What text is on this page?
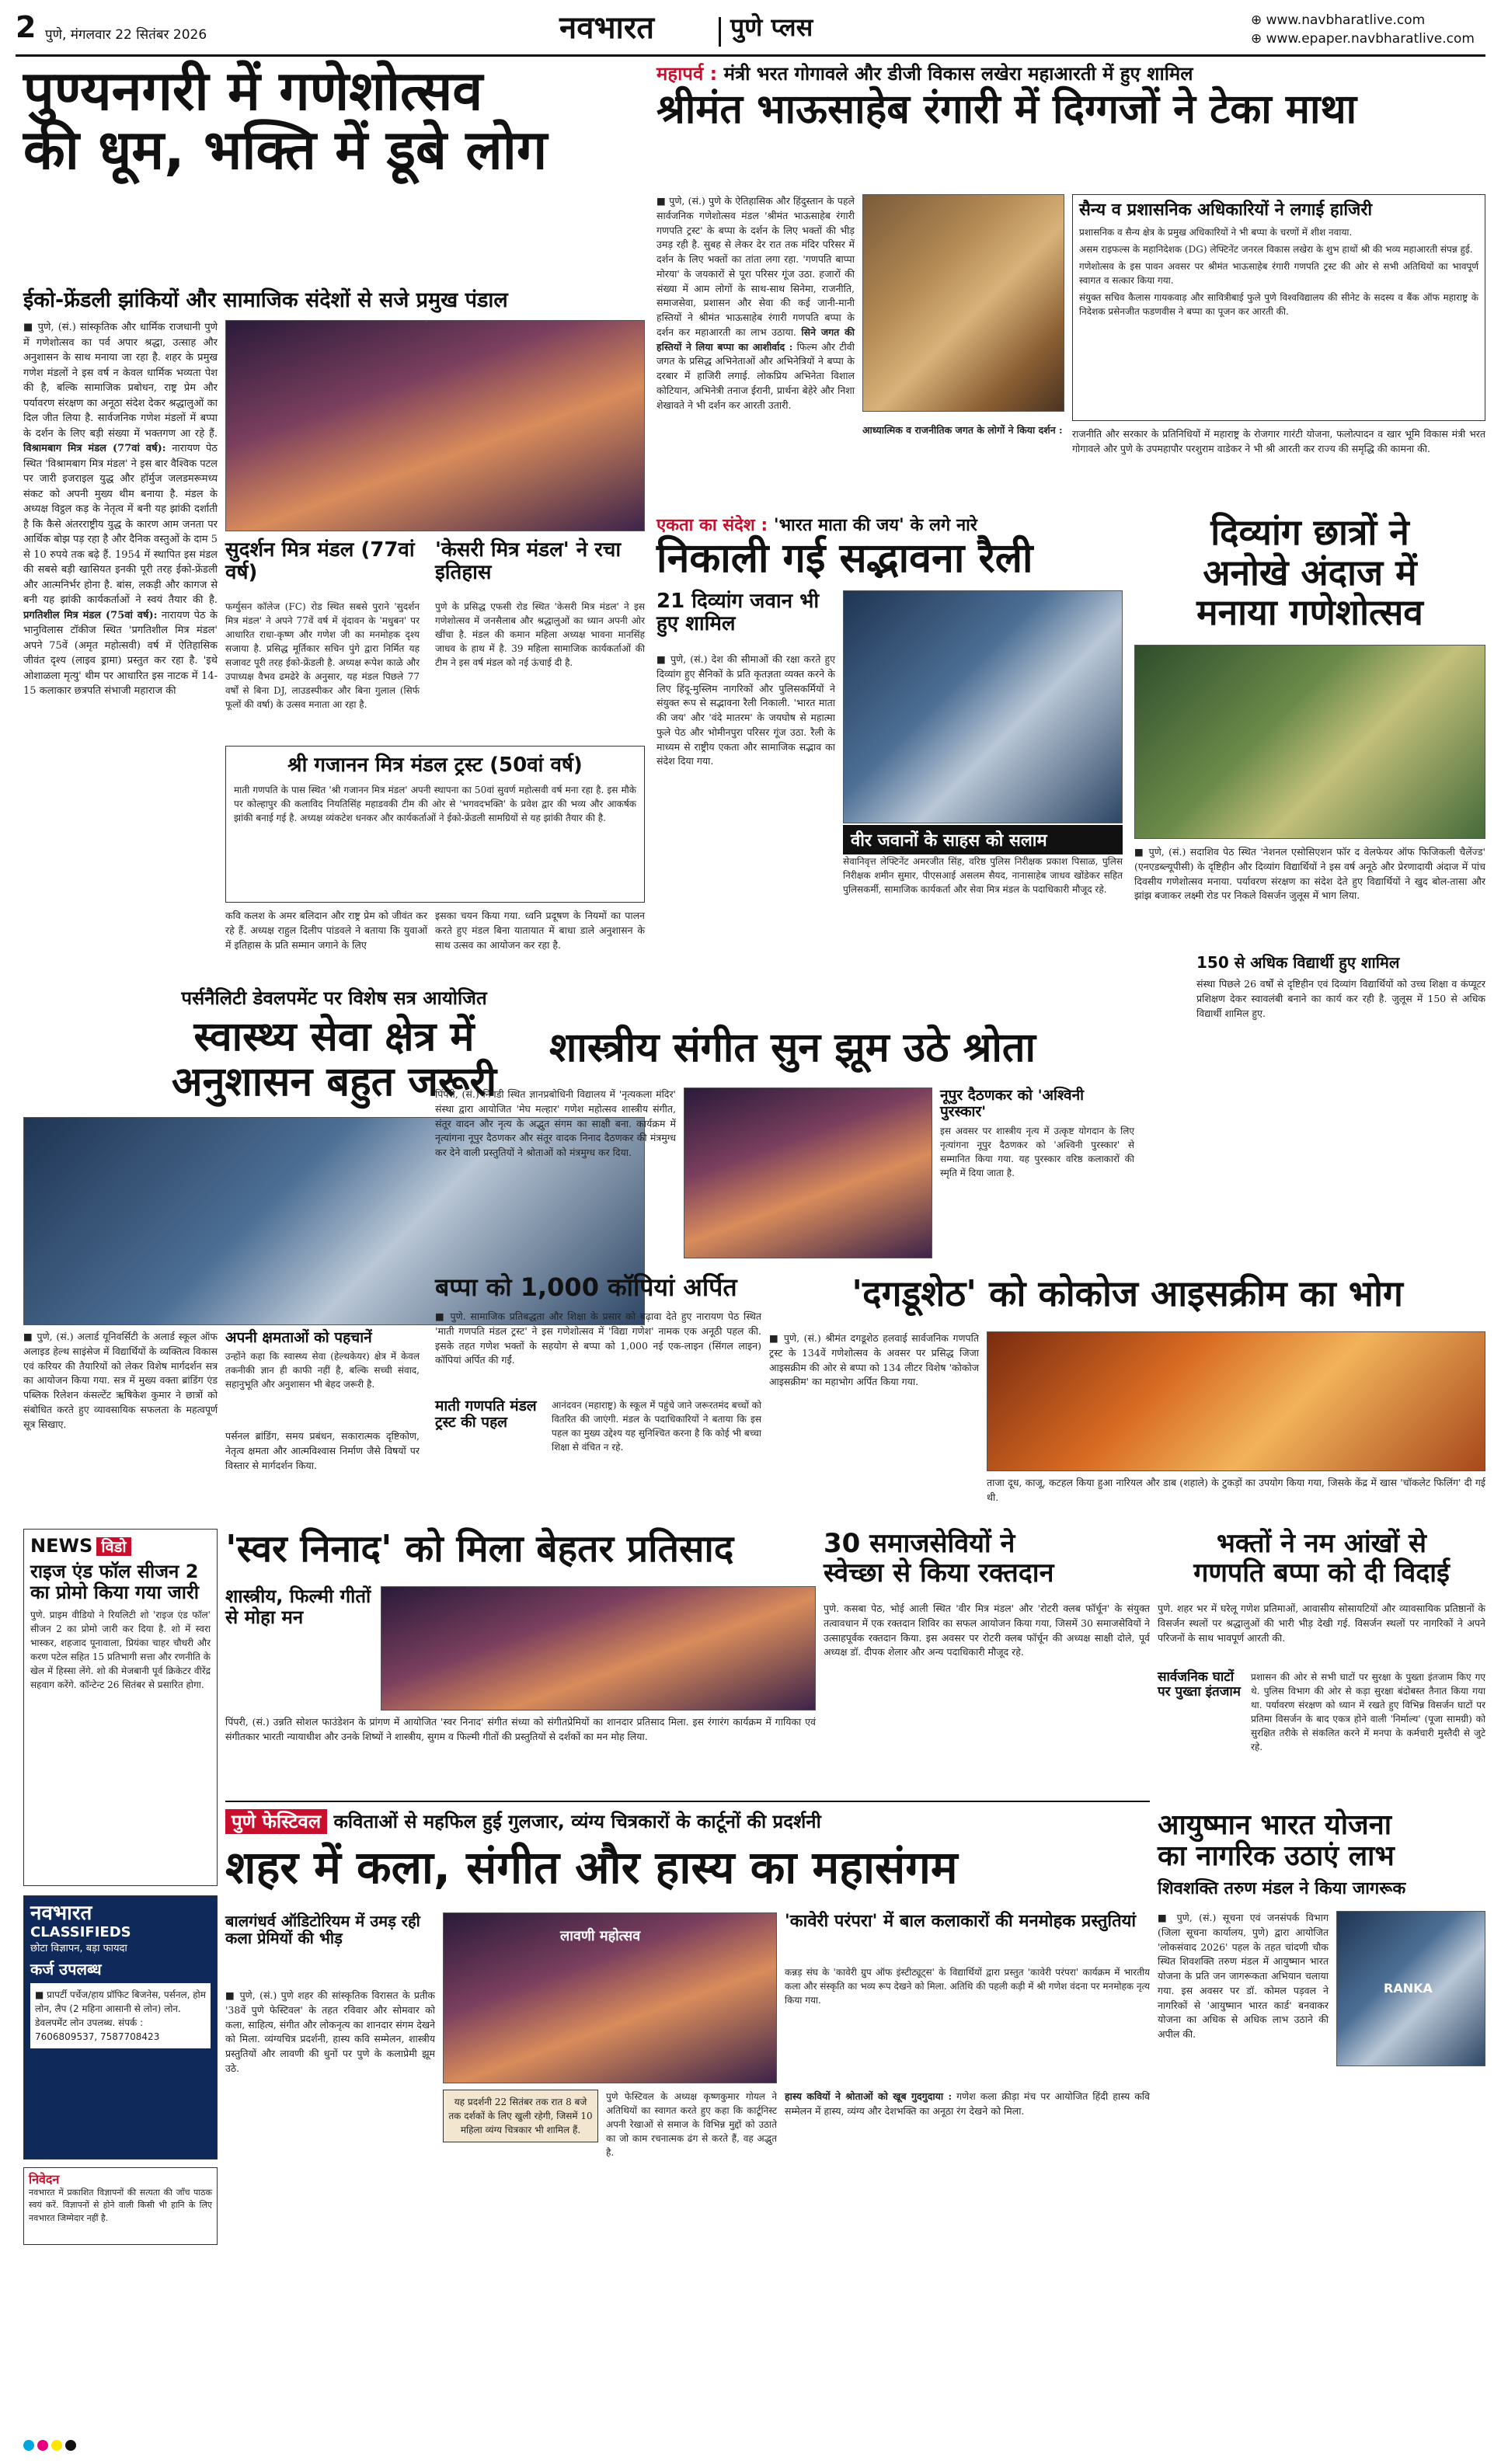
2 पुणे, मंगलवार 22 सितंबर 2026	नवभारत	पुणे प्लस	⊕ www.navbharatlive.com
⊕ www.epaper.navbharatlive.com
पुण्यनगरी में गणेशोत्सव
की धूम, भक्ति में डूबे लोग
ईको-फ्रेंडली झांकियों और सामाजिक संदेशों से सजे प्रमुख पंडाल
■ पुणे, (सं.) सांस्कृतिक और धार्मिक राजधानी पुणे में गणेशोत्सव का पर्व अपार श्रद्धा, उत्साह और अनुशासन के साथ मनाया जा रहा है. शहर के प्रमुख गणेश मंडलों ने इस वर्ष न केवल धार्मिक भव्यता पेश की है, बल्कि सामाजिक प्रबोधन, राष्ट्र प्रेम और पर्यावरण संरक्षण का अनूठा संदेश देकर श्रद्धालुओं का दिल जीत लिया है. सार्वजनिक गणेश मंडलों में बप्पा के दर्शन के लिए बड़ी संख्या में भक्तगण आ रहे हैं. विश्रामबाग मित्र मंडल (77वां वर्ष): नारायण पेठ स्थित 'विश्रामबाग मित्र मंडल' ने इस बार वैश्विक पटल पर जारी इजराइल युद्ध और हॉर्मुज जलडमरूमध्य संकट को अपनी मुख्य थीम बनाया है. मंडल के अध्यक्ष विट्ठल कड़ के नेतृत्व में बनी यह झांकी दर्शाती है कि कैसे अंतरराष्ट्रीय युद्ध के कारण आम जनता पर आर्थिक बोझ पड़ रहा है और दैनिक वस्तुओं के दाम 5 से 10 रुपये तक बढ़े हैं. 1954 में स्थापित इस मंडल की सबसे बड़ी खासियत इनकी पूरी तरह ईको-फ्रेंडली और आत्मनिर्भर होना है. बांस, लकड़ी और कागज से बनी यह झांकी कार्यकर्ताओं ने स्वयं तैयार की है. प्रगतिशील मित्र मंडल (75वां वर्ष): नारायण पेठ के भानुविलास टॉकीज स्थित 'प्रगतिशील मित्र मंडल' अपने 75वें (अमृत महोत्सवी) वर्ष में ऐतिहासिक जीवंत दृश्य (लाइव ड्रामा) प्रस्तुत कर रहा है. 'इथे ओशाळला मृत्यु' थीम पर आधारित इस नाटक में 14-15 कलाकार छत्रपति संभाजी महाराज की
सुदर्शन मित्र मंडल (77वां वर्ष)
फर्ग्युसन कॉलेज (FC) रोड स्थित सबसे पुराने 'सुदर्शन मित्र मंडल' ने अपने 77वें वर्ष में वृंदावन के 'मधुबन' पर आधारित राधा-कृष्ण और गणेश जी का मनमोहक दृश्य सजाया है. प्रसिद्ध मूर्तिकार सचिन पुंगे द्वारा निर्मित यह सजावट पूरी तरह ईको-फ्रेंडली है. अध्यक्ष रूपेश काळे और उपाध्यक्ष वैभव ढमढेरे के अनुसार, यह मंडल पिछले 77 वर्षों से बिना DJ, लाउडस्पीकर और बिना गुलाल (सिर्फ फूलों की वर्षा) के उत्सव मनाता आ रहा है.
'केसरी मित्र मंडल' ने रचा इतिहास
पुणे के प्रसिद्ध एफसी रोड स्थित 'केसरी मित्र मंडल' ने इस गणेशोत्सव में जनसैलाब और श्रद्धालुओं का ध्यान अपनी ओर खींचा है. मंडल की कमान महिला अध्यक्ष भावना मानसिंह जाधव के हाथ में है. 39 महिला सामाजिक कार्यकर्ताओं की टीम ने इस वर्ष मंडल को नई ऊंचाई दी है.
श्री गजानन मित्र मंडल ट्रस्ट (50वां वर्ष)
माती गणपति के पास स्थित 'श्री गजानन मित्र मंडल' अपनी स्थापना का 50वां सुवर्ण महोत्सवी वर्ष मना रहा है. इस मौके पर कोल्हापुर की कलाविद नियतिसिंह महाडवकी टीम की ओर से 'भगवदभक्ति' के प्रवेश द्वार की भव्य और आकर्षक झांकी बनाई गई है. अध्यक्ष व्यंकटेश धनकर और कार्यकर्ताओं ने ईको-फ्रेंडली सामग्रियों से यह झांकी तैयार की है.
कवि कलश के अमर बलिदान और राष्ट्र प्रेम को जीवंत कर रहे हैं. अध्यक्ष राहुल दिलीप पांडवले ने बताया कि युवाओं में इतिहास के प्रति सम्मान जगाने के लिए
इसका चयन किया गया. ध्वनि प्रदूषण के नियमों का पालन करते हुए मंडल बिना यातायात में बाधा डाले अनुशासन के साथ उत्सव का आयोजन कर रहा है.
महापर्व : मंत्री भरत गोगावले और डीजी विकास लखेरा महाआरती में हुए शामिल
श्रीमंत भाऊसाहेब रंगारी में दिग्गजों ने टेका माथा
■ पुणे, (सं.) पुणे के ऐतिहासिक और हिंदुस्तान के पहले सार्वजनिक गणेशोत्सव मंडल 'श्रीमंत भाऊसाहेब रंगारी गणपति ट्रस्ट' के बप्पा के दर्शन के लिए भक्तों की भीड़ उमड़ रही है. सुबह से लेकर देर रात तक मंदिर परिसर में दर्शन के लिए भक्तों का तांता लगा रहा. 'गणपति बाप्पा मोरया' के जयकारों से पूरा परिसर गूंज उठा. हजारों की संख्या में आम लोगों के साथ-साथ सिनेमा, राजनीति, समाजसेवा, प्रशासन और सेवा की कई जानी-मानी हस्तियों ने श्रीमंत भाऊसाहेब रंगारी गणपति बप्पा के दर्शन कर महाआरती का लाभ उठाया. सिने जगत की हस्तियों ने लिया बप्पा का आशीर्वाद : फिल्म और टीवी जगत के प्रसिद्ध अभिनेताओं और अभिनेत्रियों ने बप्पा के दरबार में हाजिरी लगाई. लोकप्रिय अभिनेता विशाल कोटियान, अभिनेत्री तनाज ईरानी, प्रार्थना बेहेरे और निशा शेखावते ने भी दर्शन कर आरती उतारी.
आध्यात्मिक व राजनीतिक जगत के लोगों ने किया दर्शन :
सैन्य व प्रशासनिक अधिकारियों ने लगाई हाजिरी
प्रशासनिक व सैन्य क्षेत्र के प्रमुख अधिकारियों ने भी बप्पा के चरणों में शीश नवाया.
असम राइफल्स के महानिदेशक (DG) लेफ्टिनेंट जनरल विकास लखेरा के शुभ हाथों श्री की भव्य महाआरती संपन्न हुई.
गणेशोत्सव के इस पावन अवसर पर श्रीमंत भाऊसाहेब रंगारी गणपति ट्रस्ट की ओर से सभी अतिथियों का भावपूर्ण स्वागत व सत्कार किया गया.
संयुक्त सचिव कैलास गायकवाड़ और सावित्रीबाई फुले पुणे विश्वविद्यालय की सीनेट के सदस्य व बैंक ऑफ महाराष्ट्र के निदेशक प्रसेनजीत फडणवीस ने बप्पा का पूजन कर आरती की.
राजनीति और सरकार के प्रतिनिधियों में महाराष्ट्र के रोजगार गारंटी योजना, फलोत्पादन व खार भूमि विकास मंत्री भरत गोगावले और पुणे के उपमहापौर परशुराम वाडेकर ने भी श्री आरती कर राज्य की समृद्धि की कामना की.
एकता का संदेश : 'भारत माता की जय' के लगे नारे
निकाली गई सद्भावना रैली
21 दिव्यांग जवान भी हुए शामिल
■ पुणे, (सं.) देश की सीमाओं की रक्षा करते हुए दिव्यांग हुए सैनिकों के प्रति कृतज्ञता व्यक्त करने के लिए हिंदू-मुस्लिम नागरिकों और पुलिसकर्मियों ने संयुक्त रूप से सद्भावना रैली निकाली. 'भारत माता की जय' और 'वंदे मातरम' के जयघोष से महात्मा फुले पेठ और भोमीनपुरा परिसर गूंज उठा. रैली के माध्यम से राष्ट्रीय एकता और सामाजिक सद्भाव का संदेश दिया गया.
वीर जवानों के साहस को सलाम
सेवानिवृत्त लेफ्टिनेंट अमरजीत सिंह, वरिष्ठ पुलिस निरीक्षक प्रकाश पिसाळ, पुलिस निरीक्षक शमीन सुमार, पीएसआई असलम सैयद, नानासाहेब जाधव खोंडेकर सहित पुलिसकर्मी, सामाजिक कार्यकर्ता और सेवा मित्र मंडल के पदाधिकारी मौजूद रहे.
दिव्यांग छात्रों ने
अनोखे अंदाज में
मनाया गणेशोत्सव
■ पुणे, (सं.) सदाशिव पेठ स्थित 'नेशनल एसोसिएशन फॉर द वेलफेयर ऑफ फिजिकली चैलेंज्ड' (एनएडब्ल्यूपीसी) के दृष्टिहीन और दिव्यांग विद्यार्थियों ने इस वर्ष अनूठे और प्रेरणादायी अंदाज में पांच दिवसीय गणेशोत्सव मनाया. पर्यावरण संरक्षण का संदेश देते हुए विद्यार्थियों ने खुद बोल-तासा और झांझ बजाकर लक्ष्मी रोड पर निकले विसर्जन जुलूस में भाग लिया.
150 से अधिक विद्यार्थी हुए शामिल
संस्था पिछले 26 वर्षों से दृष्टिहीन एवं दिव्यांग विद्यार्थियों को उच्च शिक्षा व कंप्यूटर प्रशिक्षण देकर स्वावलंबी बनाने का कार्य कर रही है. जुलूस में 150 से अधिक विद्यार्थी शामिल हुए.
पर्सनैलिटी डेवलपमेंट पर विशेष सत्र आयोजित
स्वास्थ्य सेवा क्षेत्र में
अनुशासन बहुत जरूरी
■ पुणे, (सं.) अलार्ड यूनिवर्सिटी के अलार्ड स्कूल ऑफ अलाइड हेल्थ साइंसेज में विद्यार्थियों के व्यक्तित्व विकास एवं करियर की तैयारियों को लेकर विशेष मार्गदर्शन सत्र का आयोजन किया गया. सत्र में मुख्य वक्ता ब्रांडिंग एंड पब्लिक रिलेशन कंसल्टेंट ऋषिकेश कुमार ने छात्रों को संबोधित करते हुए व्यावसायिक सफलता के महत्वपूर्ण सूत्र सिखाए.
अपनी क्षमताओं को पहचानें
उन्होंने कहा कि स्वास्थ्य सेवा (हेल्थकेयर) क्षेत्र में केवल तकनीकी ज्ञान ही काफी नहीं है, बल्कि सच्ची संवाद, सहानुभूति और अनुशासन भी बेहद जरूरी है.
पर्सनल ब्रांडिंग, समय प्रबंधन, सकारात्मक दृष्टिकोण, नेतृत्व क्षमता और आत्मविश्वास निर्माण जैसे विषयों पर विस्तार से मार्गदर्शन किया.
शास्त्रीय संगीत सुन झूम उठे श्रोता
पिंपरी, (सं.) निगडी स्थित ज्ञानप्रबोधिनी विद्यालय में 'नृत्यकला मंदिर' संस्था द्वारा आयोजित 'मेघ मल्हार' गणेश महोत्सव शास्त्रीय संगीत, संतूर वादन और नृत्य के अद्भुत संगम का साक्षी बना. कार्यक्रम में नृत्यांगना नूपुर दैठणकर और संतूर वादक निनाद दैठणकर की मंत्रमुग्ध कर देने वाली प्रस्तुतियों ने श्रोताओं को मंत्रमुग्ध कर दिया.
नूपुर दैठणकर को 'अश्विनी पुरस्कार'
इस अवसर पर शास्त्रीय नृत्य में उत्कृष्ट योगदान के लिए नृत्यांगना नूपुर दैठणकर को 'अश्विनी पुरस्कार' से सम्मानित किया गया. यह पुरस्कार वरिष्ठ कलाकारों की स्मृति में दिया जाता है.
बप्पा को 1,000 कॉपियां अर्पित
■ पुणे. सामाजिक प्रतिबद्धता और शिक्षा के प्रसार को बढ़ावा देते हुए नारायण पेठ स्थित 'माती गणपति मंडल ट्रस्ट' ने इस गणेशोत्सव में 'विद्या गणेश' नामक एक अनूठी पहल की. इसके तहत गणेश भक्तों के सहयोग से बप्पा को 1,000 नई एक-लाइन (सिंगल लाइन) कॉपियां अर्पित की गईं.
माती गणपति मंडल ट्रस्ट की पहल
आनंदवन (महाराष्ट्र) के स्कूल में पहुंचे जाने जरूरतमंद बच्चों को वितरित की जाएंगी. मंडल के पदाधिकारियों ने बताया कि इस पहल का मुख्य उद्देश्य यह सुनिश्चित करना है कि कोई भी बच्चा शिक्षा से वंचित न रहे.
'दगडूशेठ' को कोकोज आइसक्रीम का भोग
■ पुणे, (सं.) श्रीमंत दगडूशेठ हलवाई सार्वजनिक गणपति ट्रस्ट के 134वें गणेशोत्सव के अवसर पर प्रसिद्ध जिजा आइसक्रीम की ओर से बप्पा को 134 लीटर विशेष 'कोकोज आइसक्रीम' का महाभोग अर्पित किया गया.
ताजा दूध, काजू, कटहल किया हुआ नारियल और डाब (शहाले) के टुकड़ों का उपयोग किया गया, जिसके केंद्र में खास 'चॉकलेट फिलिंग' दी गई थी.
NEWS विडो
राइज एंड फॉल सीजन 2 का प्रोमो किया गया जारी
पुणे. प्राइम वीडियो ने रियलिटी शो 'राइज एंड फॉल' सीजन 2 का प्रोमो जारी कर दिया है. शो में स्वरा भास्कर, शहजाद पूनावाला, प्रियंका चाहर चौधरी और करण पटेल सहित 15 प्रतिभागी सत्ता और रणनीति के खेल में हिस्सा लेंगे. शो की मेजबानी पूर्व क्रिकेटर वीरेंद्र सहवाग करेंगे. कॉन्टेन्ट 26 सितंबर से प्रसारित होगा.
नवभारत
CLASSIFIEDS
छोटा विज्ञापन, बड़ा फायदा
कर्ज उपलब्ध
■ प्रापर्टी पर्चेज/हाय प्रॉफिट बिजनेस, पर्सनल, होम लोन, लैप (2 महिना आसानी से लोन) लोन. डेवलपमेंट लोन उपलब्ध. संपर्क : 7606809537, 7587708423
निवेदन
नवभारत में प्रकाशित विज्ञापनों की सत्यता की जाँच पाठक स्वयं करें. विज्ञापनों से होने वाली किसी भी हानि के लिए नवभारत जिम्मेदार नहीं है.
'स्वर निनाद' को मिला बेहतर प्रतिसाद
शास्त्रीय, फिल्मी गीतों से मोहा मन
पिंपरी, (सं.) उन्नति सोशल फाउंडेशन के प्रांगण में आयोजित 'स्वर निनाद' संगीत संध्या को संगीतप्रेमियों का शानदार प्रतिसाद मिला. इस रंगारंग कार्यक्रम में गायिका एवं संगीतकार भारती न्यायाधीश और उनके शिष्यों ने शास्त्रीय, सुगम व फिल्मी गीतों की प्रस्तुतियों से दर्शकों का मन मोह लिया.
30 समाजसेवियों ने
स्वेच्छा से किया रक्तदान
पुणे. कसबा पेठ, भोई आली स्थित 'वीर मित्र मंडल' और 'रोटरी क्लब फॉर्चून' के संयुक्त तत्वावधान में एक रक्तदान शिविर का सफल आयोजन किया गया, जिसमें 30 समाजसेवियों ने उत्साहपूर्वक रक्तदान किया. इस अवसर पर रोटरी क्लब फॉर्चून की अध्यक्ष साक्षी दोले, पूर्व अध्यक्ष डॉ. दीपक शेलार और अन्य पदाधिकारी मौजूद रहे.
भक्तों ने नम आंखों से
गणपति बप्पा को दी विदाई
पुणे. शहर भर में घरेलू गणेश प्रतिमाओं, आवासीय सोसायटियों और व्यावसायिक प्रतिष्ठानों के विसर्जन स्थलों पर श्रद्धालुओं की भारी भीड़ देखी गई. विसर्जन स्थलों पर नागरिकों ने अपने परिजनों के साथ भावपूर्ण आरती की.
सार्वजनिक घाटों पर पुख्ता इंतजाम
प्रशासन की ओर से सभी घाटों पर सुरक्षा के पुख्ता इंतजाम किए गए थे. पुलिस विभाग की ओर से कड़ा सुरक्षा बंदोबस्त तैनात किया गया था. पर्यावरण संरक्षण को ध्यान में रखते हुए विभिन्न विसर्जन घाटों पर प्रतिमा विसर्जन के बाद एकत्र होने वाली 'निर्माल्य' (पूजा सामग्री) को सुरक्षित तरीके से संकलित करने में मनपा के कर्मचारी मुस्तैदी से जुटे रहे.
पुणे फेस्टिवल कविताओं से महफिल हुई गुलजार, व्यंग्य चित्रकारों के कार्टूनों की प्रदर्शनी
शहर में कला, संगीत और हास्य का महासंगम
बालगंधर्व ऑडिटोरियम में उमड़ रही कला प्रेमियों की भीड़
■ पुणे, (सं.) पुणे शहर की सांस्कृतिक विरासत के प्रतीक '38वें पुणे फेस्टिवल' के तहत रविवार और सोमवार को कला, साहित्य, संगीत और लोकनृत्य का शानदार संगम देखने को मिला. व्यंग्यचित्र प्रदर्शनी, हास्य कवि सम्मेलन, शास्त्रीय प्रस्तुतियों और लावणी की धुनों पर पुणे के कलाप्रेमी झूम उठे.
लावणी महोत्सव
यह प्रदर्शनी 22 सितंबर तक रात 8 बजे तक दर्शकों के लिए खुली रहेगी, जिसमें 10 महिला व्यंग्य चित्रकार भी शामिल हैं.
पुणे फेस्टिवल के अध्यक्ष कृष्णकुमार गोयल ने अतिथियों का स्वागत करते हुए कहा कि कार्टूनिस्ट अपनी रेखाओं से समाज के विभिन्न मुद्दों को उठाते का जो काम रचनात्मक ढंग से करते हैं, वह अद्भुत है.
'कावेरी परंपरा' में बाल कलाकारों की मनमोहक प्रस्तुतियां
कन्नड़ संघ के 'कावेरी ग्रुप ऑफ इंस्टीट्यूट्स' के विद्यार्थियों द्वारा प्रस्तुत 'कावेरी परंपरा' कार्यक्रम में भारतीय कला और संस्कृति का भव्य रूप देखने को मिला. अतिथि की पहली कड़ी में श्री गणेश वंदना पर मनमोहक नृत्य किया गया.
हास्य कवियों ने श्रोताओं को खूब गुदगुदाया : गणेश कला क्रीड़ा मंच पर आयोजित हिंदी हास्य कवि सम्मेलन में हास्य, व्यंग्य और देशभक्ति का अनूठा रंग देखने को मिला.
आयुष्मान भारत योजना
का नागरिक उठाएं लाभ
शिवशक्ति तरुण मंडल ने किया जागरूक
RANKA
■ पुणे, (सं.) सूचना एवं जनसंपर्क विभाग (जिला सूचना कार्यालय, पुणे) द्वारा आयोजित 'लोकसंवाद 2026' पहल के तहत चांदणी चौक स्थित शिवशक्ति तरुण मंडल में आयुष्मान भारत योजना के प्रति जन जागरूकता अभियान चलाया गया. इस अवसर पर डॉ. कोमल पड़वल ने नागरिकों से 'आयुष्मान भारत कार्ड' बनवाकर योजना का अधिक से अधिक लाभ उठाने की अपील की.
